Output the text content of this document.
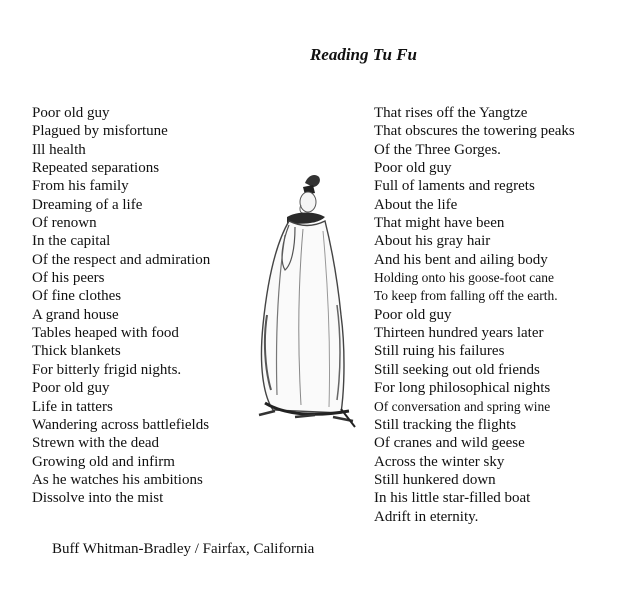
Reading Tu Fu
Poor old guy
Plagued by misfortune
Ill health
Repeated separations
From his family
Dreaming of a life
Of renown
In the capital
Of the respect and admiration
Of his peers
Of fine clothes
A grand house
Tables heaped with food
Thick blankets
For bitterly frigid nights.
Poor old guy
Life in tatters
Wandering across battlefields
Strewn with the dead
Growing old and infirm
As he watches his ambitions
Dissolve into the mist
That rises off the Yangtze
That obscures the towering peaks
Of the Three Gorges.
Poor old guy
Full of laments and regrets
About the life
That might have been
About his gray hair
And his bent and ailing body
Holding onto his goose-foot cane
To keep from falling off the earth.
Poor old guy
Thirteen hundred years later
Still ruing his failures
Still seeking out old friends
For long philosophical nights
Of conversation and spring wine
Still tracking the flights
Of cranes and wild geese
Across the winter sky
Still hunkered down
In his little star-filled boat
Adrift in eternity.
Buff Whitman-Bradley / Fairfax, California
